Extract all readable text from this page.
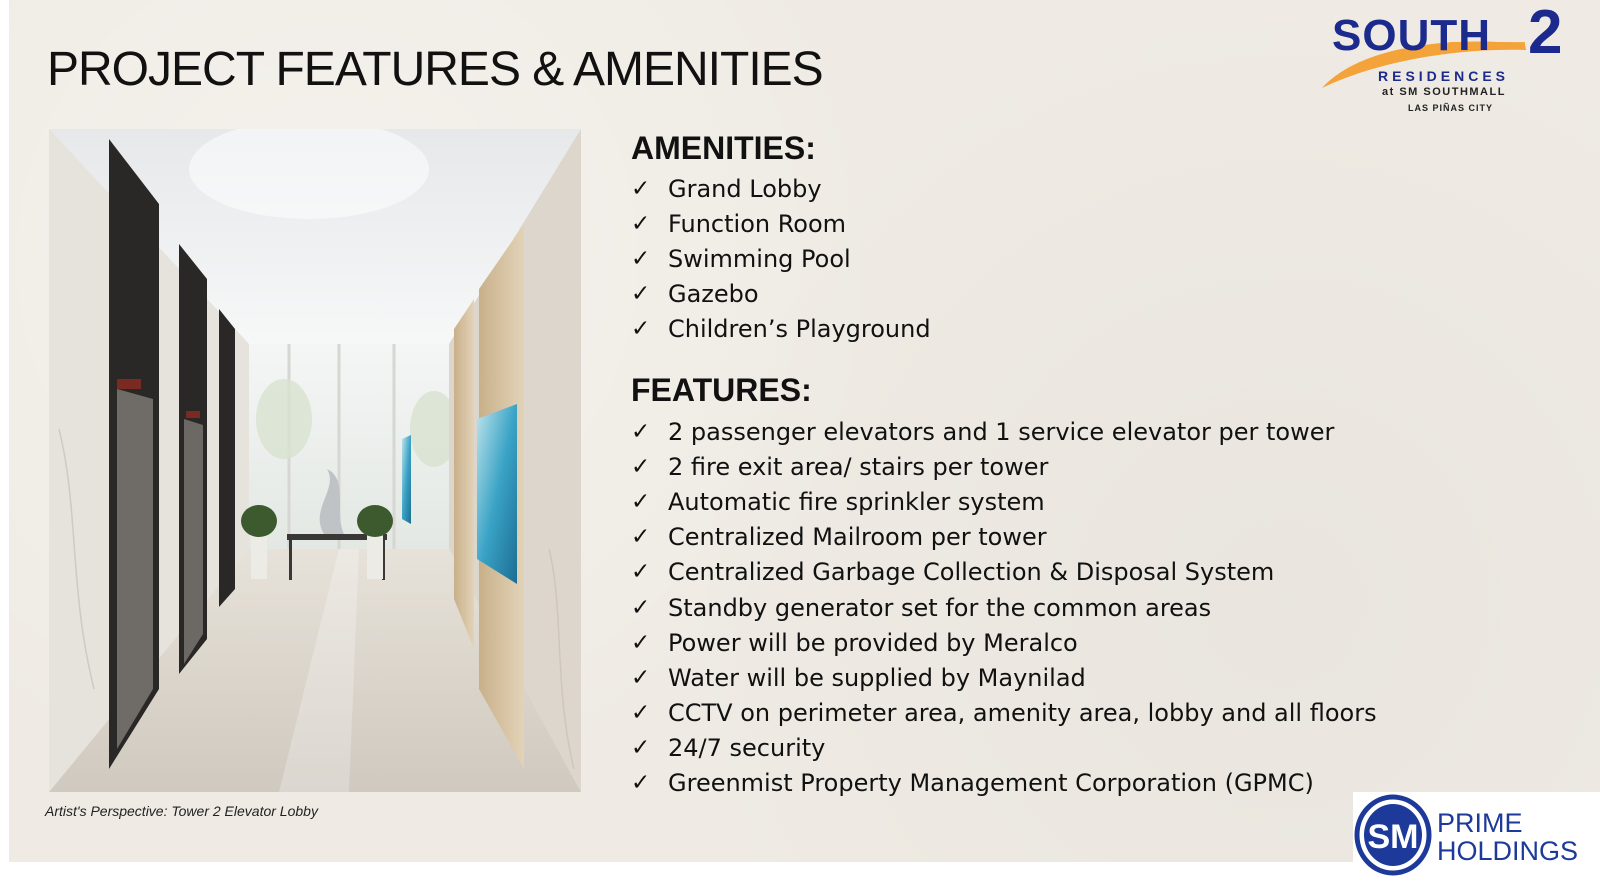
PROJECT FEATURES & AMENITIES
SOUTH 2
RESIDENCES
at SM SOUTHMALL
LAS PIÑAS CITY
Artist's Perspective: Tower 2 Elevator Lobby
AMENITIES:
✓ Grand Lobby
✓ Function Room
✓ Swimming Pool
✓ Gazebo
✓ Children’s Playground
FEATURES:
✓ 2 passenger elevators and 1 service elevator per tower
✓ 2 fire exit area/ stairs per tower
✓ Automatic fire sprinkler system
✓ Centralized Mailroom per tower
✓ Centralized Garbage Collection & Disposal System
✓ Standby generator set for the common areas
✓ Power will be provided by Meralco
✓ Water will be supplied by Maynilad
✓ CCTV on perimeter area, amenity area, lobby and all floors
✓ 24/7 security
✓ Greenmist Property Management Corporation (GPMC)
SM PRIME
HOLDINGS
